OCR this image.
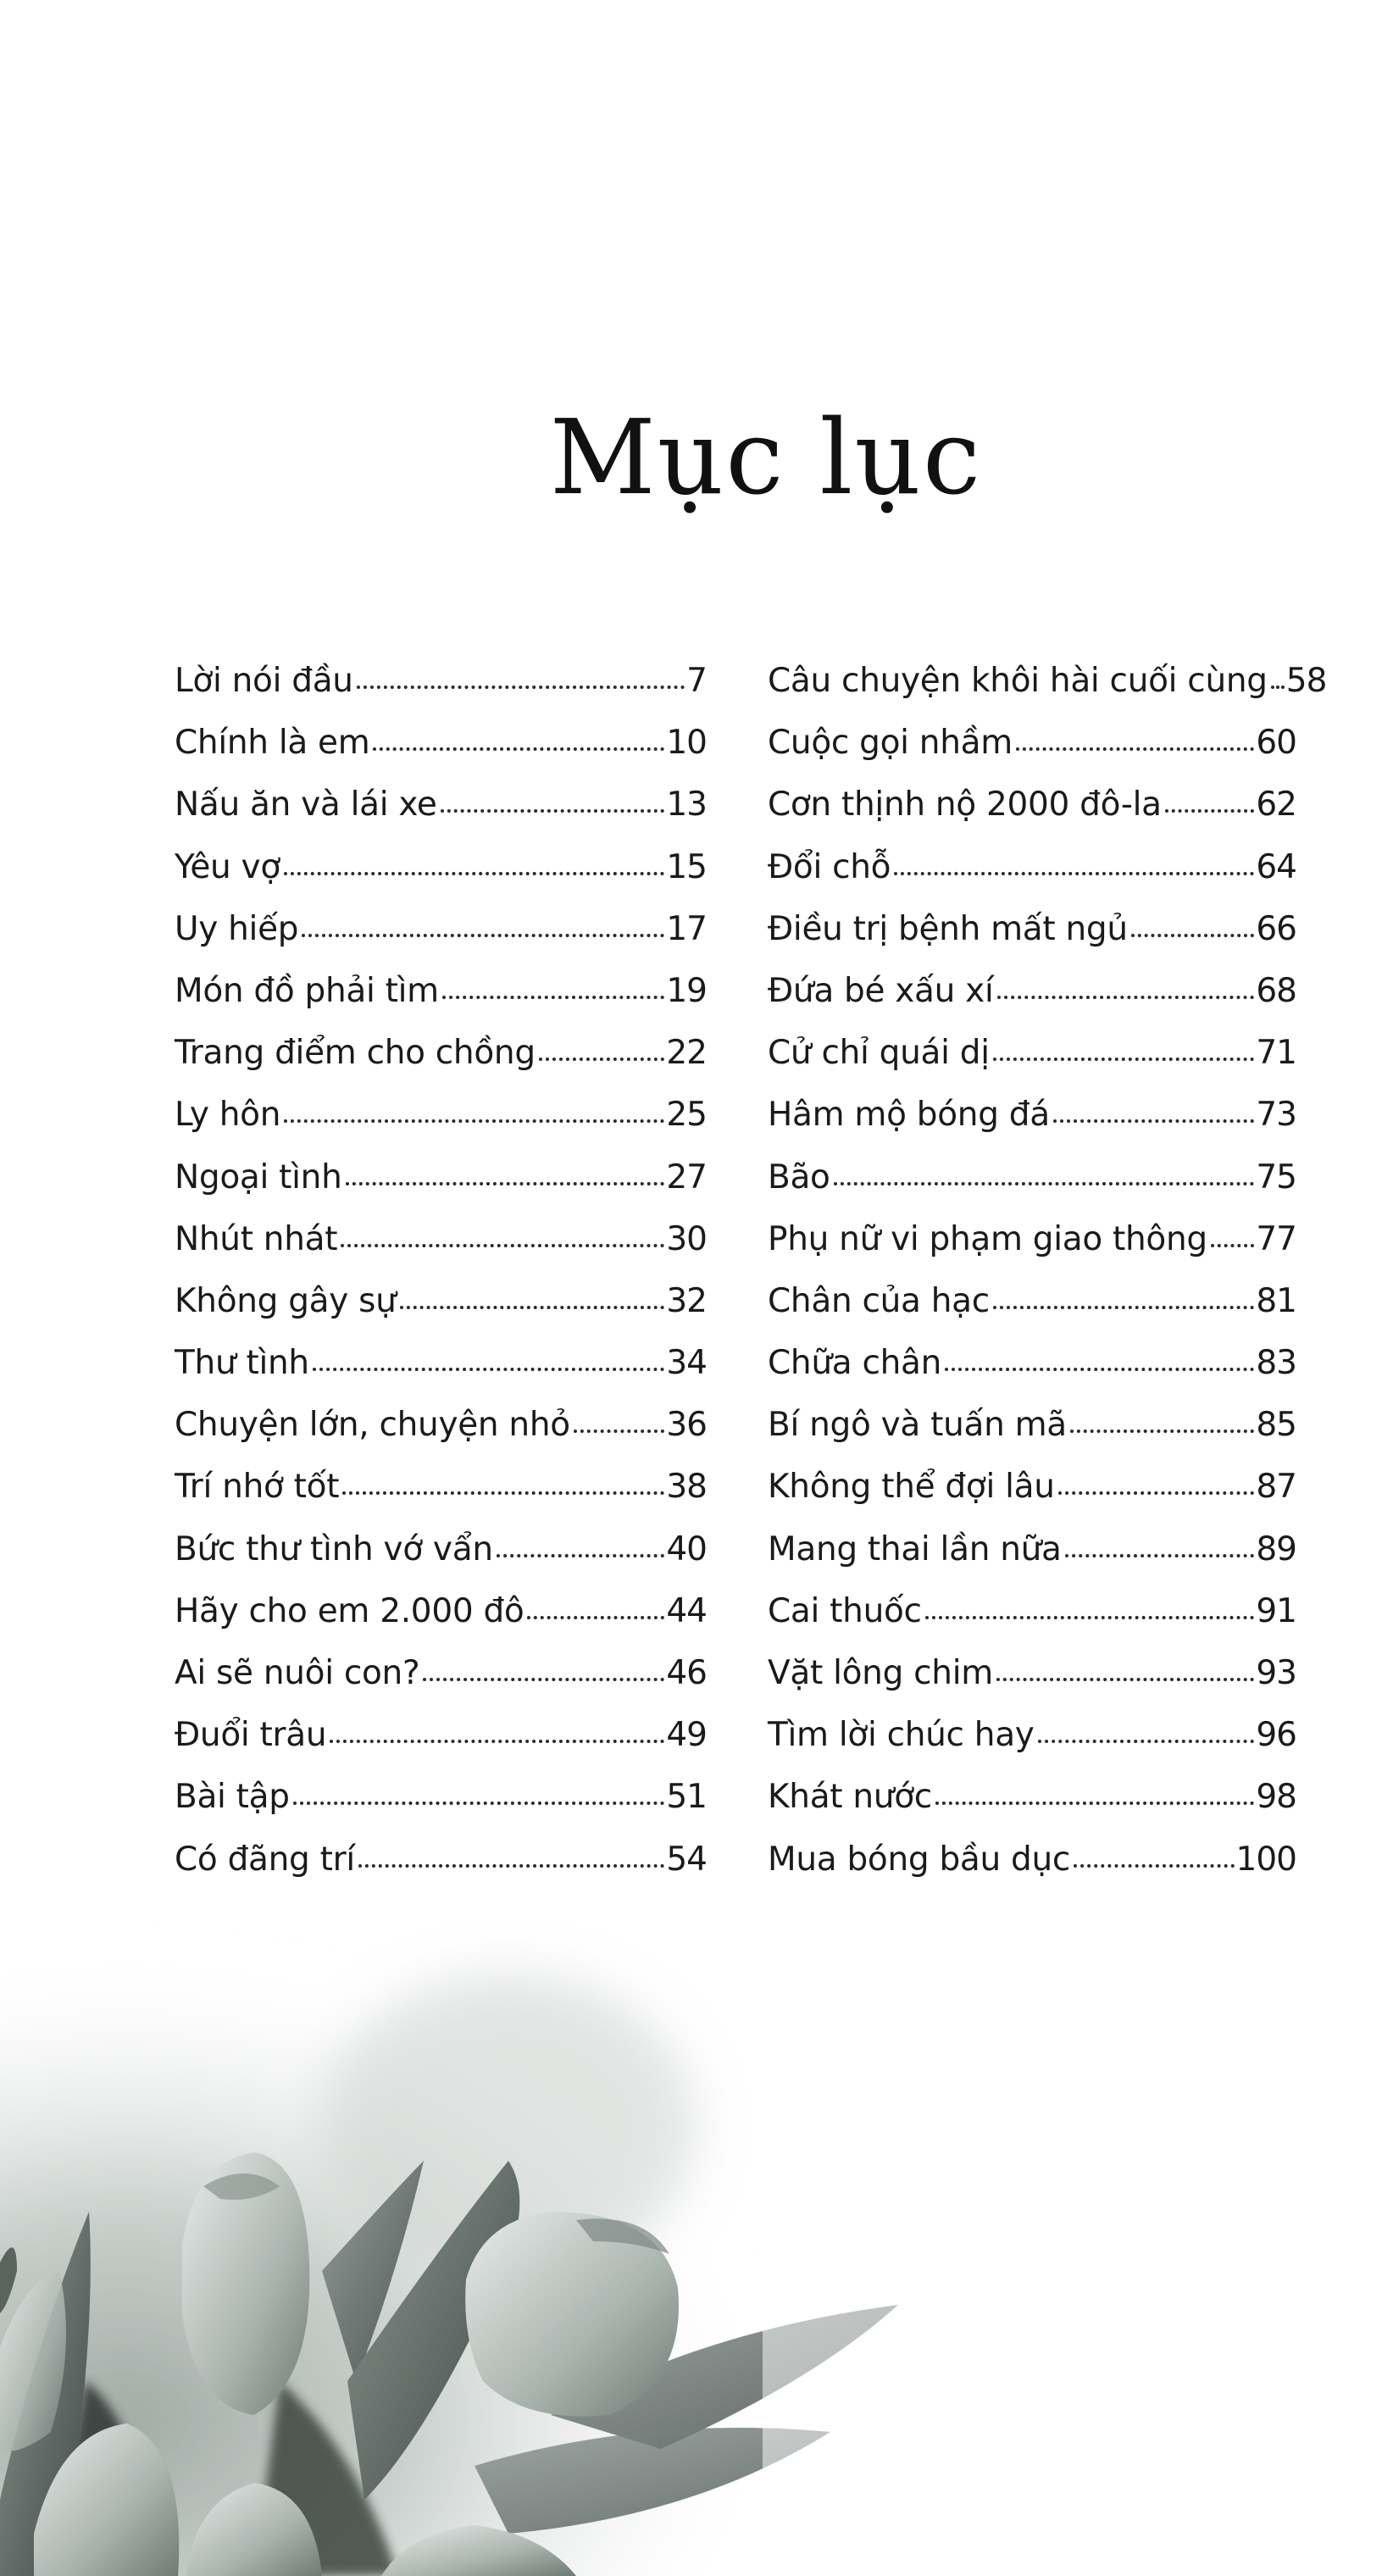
Mục lục
Lời nói đầu	7
Chính là em	10
Nấu ăn và lái xe	13
Yêu vợ	15
Uy hiếp	17
Món đồ phải tìm	19
Trang điểm cho chồng	22
Ly hôn	25
Ngoại tình	27
Nhút nhát	30
Không gây sự	32
Thư tình	34
Chuyện lớn, chuyện nhỏ	36
Trí nhớ tốt	38
Bức thư tình vớ vẩn	40
Hãy cho em 2.000 đô	44
Ai sẽ nuôi con?	46
Đuổi trâu	49
Bài tập	51
Có đãng trí	54
Câu chuyện khôi hài cuối cùng 58
Cuộc gọi nhầm	60
Cơn thịnh nộ 2000 đô-la	62
Đổi chỗ	64
Điều trị bệnh mất ngủ	66
Đứa bé xấu xí	68
Cử chỉ quái dị	71
Hâm mộ bóng đá	73
Bão	75
Phụ nữ vi phạm giao thông 77
Chân của hạc	81
Chữa chân	83
Bí ngô và tuấn mã	85
Không thể đợi lâu	87
Mang thai lần nữa	89
Cai thuốc	91
Vặt lông chim	93
Tìm lời chúc hay	96
Khát nước	98
Mua bóng bầu dục	100
